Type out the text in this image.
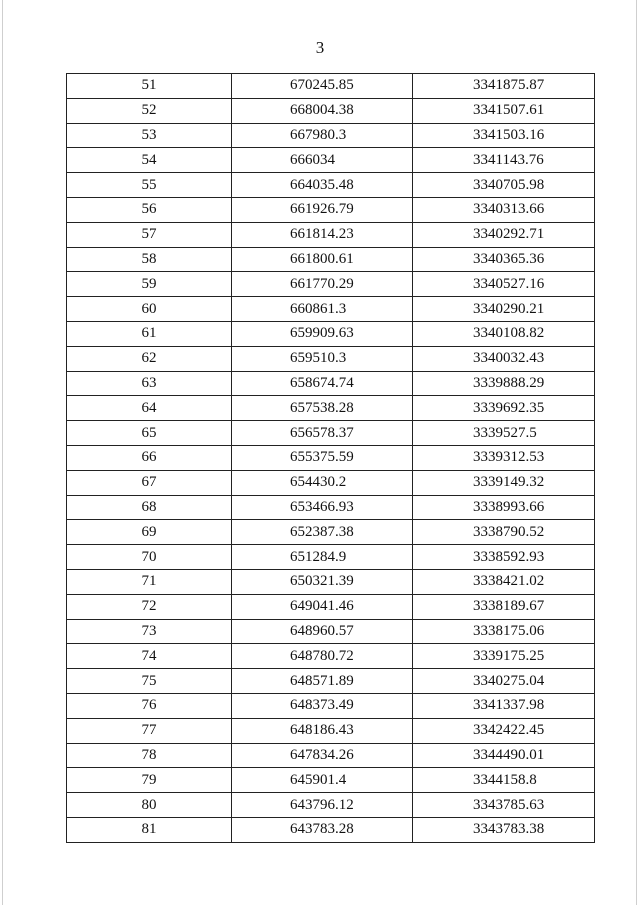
3
51	670245.85	3341875.87
52	668004.38	3341507.61
53	667980.3	3341503.16
54	666034	3341143.76
55	664035.48	3340705.98
56	661926.79	3340313.66
57	661814.23	3340292.71
58	661800.61	3340365.36
59	661770.29	3340527.16
60	660861.3	3340290.21
61	659909.63	3340108.82
62	659510.3	3340032.43
63	658674.74	3339888.29
64	657538.28	3339692.35
65	656578.37	3339527.5
66	655375.59	3339312.53
67	654430.2	3339149.32
68	653466.93	3338993.66
69	652387.38	3338790.52
70	651284.9	3338592.93
71	650321.39	3338421.02
72	649041.46	3338189.67
73	648960.57	3338175.06
74	648780.72	3339175.25
75	648571.89	3340275.04
76	648373.49	3341337.98
77	648186.43	3342422.45
78	647834.26	3344490.01
79	645901.4	3344158.8
80	643796.12	3343785.63
81	643783.28	3343783.38
